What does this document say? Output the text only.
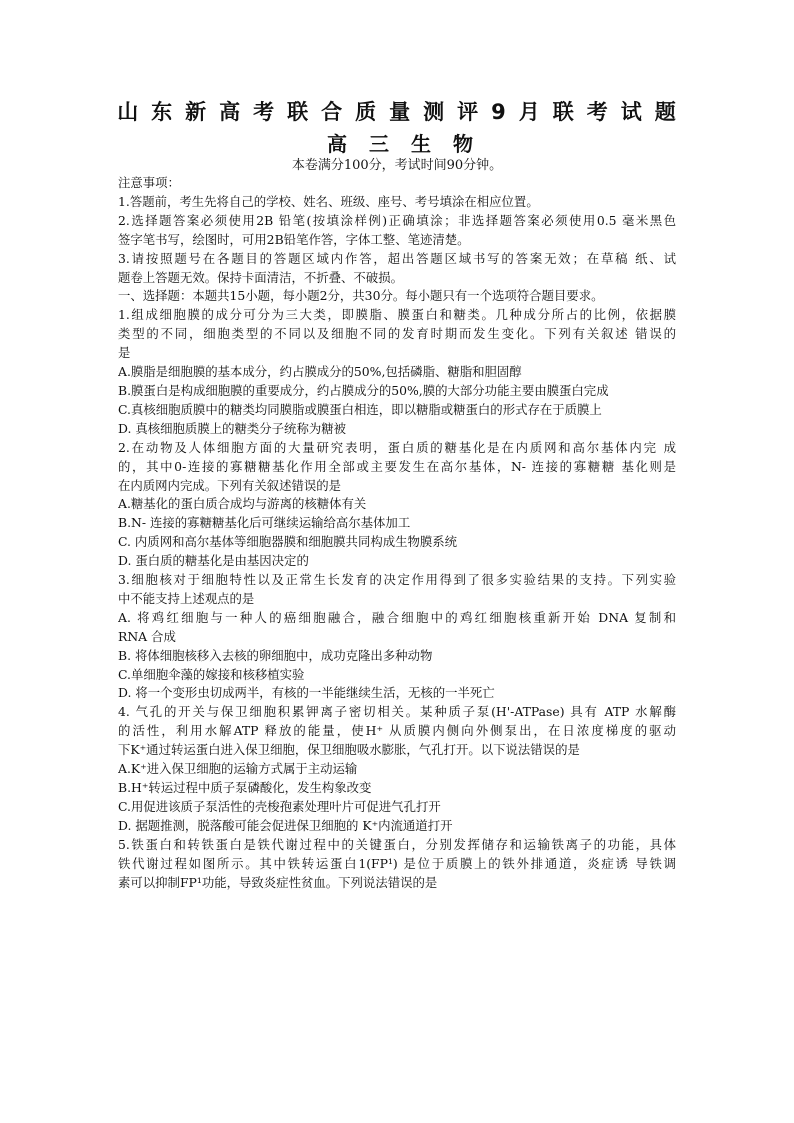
山东新高考联合质量测评9月联考试题
高三生物
本卷满分100分，考试时间90分钟。
注意事项：
1.答题前，考生先将自己的学校、姓名、班级、座号、考号填涂在相应位置。
2.选择题答案必须使用2B 铅笔(按填涂样例)正确填涂；非选择题答案必须使用0.5 毫米黑色
签字笔书写，绘图时，可用2B铅笔作答，字体工整、笔迹清楚。
3.请按照题号在各题目的答题区域内作答，超出答题区域书写的答案无效；在草稿 纸、试
题卷上答题无效。保持卡面清洁，不折叠、不破损。
一、选择题：本题共15小题，每小题2分，共30分。每小题只有一个选项符合题目要求。
1.组成细胞膜的成分可分为三大类，即膜脂、膜蛋白和糖类。几种成分所占的比例，依据膜
类型的不同，细胞类型的不同以及细胞不同的发育时期而发生变化。下列有关叙述 错误的
是
A.膜脂是细胞膜的基本成分，约占膜成分的50%,包括磷脂、糖脂和胆固醇
B.膜蛋白是构成细胞膜的重要成分，约占膜成分的50%,膜的大部分功能主要由膜蛋白完成
C.真核细胞质膜中的糖类均同膜脂或膜蛋白相连，即以糖脂或糖蛋白的形式存在于质膜上
D. 真核细胞质膜上的糖类分子统称为糖被
2.在动物及人体细胞方面的大量研究表明，蛋白质的糖基化是在内质网和高尔基体内完 成
的，其中0-连接的寡糖糖基化作用全部或主要发生在高尔基体，N- 连接的寡糖糖 基化则是
在内质网内完成。下列有关叙述错误的是
A.糖基化的蛋白质合成均与游离的核糖体有关
B.N- 连接的寡糖糖基化后可继续运输给高尔基体加工
C. 内质网和高尔基体等细胞器膜和细胞膜共同构成生物膜系统
D. 蛋白质的糖基化是由基因决定的
3.细胞核对于细胞特性以及正常生长发育的决定作用得到了很多实验结果的支持。下列实验
中不能支持上述观点的是
A. 将鸡红细胞与一种人的癌细胞融合，融合细胞中的鸡红细胞核重新开始 DNA 复制和
RNA 合成
B. 将体细胞核移入去核的卵细胞中，成功克隆出多种动物
C.单细胞伞藻的嫁接和核移植实验
D. 将一个变形虫切成两半，有核的一半能继续生活，无核的一半死亡
4. 气孔的开关与保卫细胞积累钾离子密切相关。某种质子泵(H'-ATPase) 具有 ATP 水解酶
的活性，利用水解ATP 释放的能量，使H⁺ 从质膜内侧向外侧泵出，在日浓度梯度的驱动
下K⁺通过转运蛋白进入保卫细胞，保卫细胞吸水膨胀，气孔打开。以下说法错误的是
A.K⁺进入保卫细胞的运输方式属于主动运输
B.H⁺转运过程中质子泵磷酸化，发生构象改变
C.用促进该质子泵活性的壳梭孢素处理叶片可促进气孔打开
D. 据题推测，脱落酸可能会促进保卫细胞的 K⁺内流通道打开
5.铁蛋白和转铁蛋白是铁代谢过程中的关键蛋白，分别发挥储存和运输铁离子的功能，具体
铁代谢过程如图所示。其中铁转运蛋白1(FP¹) 是位于质膜上的铁外排通道，炎症诱 导铁调
素可以抑制FP¹功能，导致炎症性贫血。下列说法错误的是
